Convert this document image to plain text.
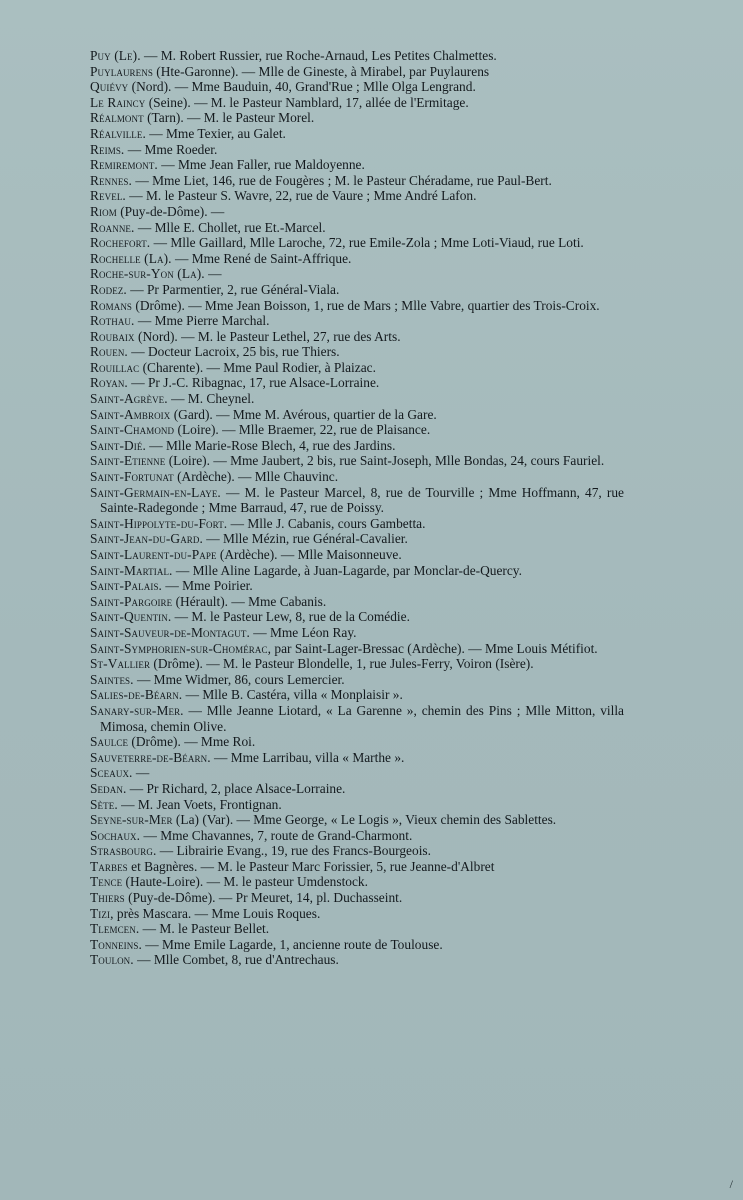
Puy (Le). — M. Robert Russier, rue Roche-Arnaud, Les Petites Chalmettes.

Puylaurens (Hte-Garonne). — Mlle de Gineste, à Mirabel, par Puylaurens

Quiévy (Nord). — Mme Bauduin, 40, Grand'Rue ; Mlle Olga Lengrand.

Le Raincy (Seine). — M. le Pasteur Namblard, 17, allée de l'Ermitage.

Réalmont (Tarn). — M. le Pasteur Morel.

Réalville. — Mme Texier, au Galet.

Reims. — Mme Roeder.

Remiremont. — Mme Jean Faller, rue Maldoyenne.

Rennes. — Mme Liet, 146, rue de Fougères ; M. le Pasteur Chéradame, rue Paul-Bert.

Revel. — M. le Pasteur S. Wavre, 22, rue de Vaure ; Mme André Lafon.

Riom (Puy-de-Dôme). —

Roanne. — Mlle E. Chollet, rue Et.-Marcel.

Rochefort. — Mlle Gaillard, Mlle Laroche, 72, rue Emile-Zola ; Mme Loti-Viaud, rue Loti.

Rochelle (La). — Mme René de Saint-Affrique.

Roche-sur-Yon (La). —

Rodez. — Pr Parmentier, 2, rue Général-Viala.

Romans (Drôme). — Mme Jean Boisson, 1, rue de Mars ; Mlle Vabre, quartier des Trois-Croix.

Rothau. — Mme Pierre Marchal.

Roubaix (Nord). — M. le Pasteur Lethel, 27, rue des Arts.

Rouen. — Docteur Lacroix, 25 bis, rue Thiers.

Rouillac (Charente). — Mme Paul Rodier, à Plaizac.

Royan. — Pr J.-C. Ribagnac, 17, rue Alsace-Lorraine.

Saint-Agrève. — M. Cheynel.

Saint-Ambroix (Gard). — Mme M. Avérous, quartier de la Gare.

Saint-Chamond (Loire). — Mlle Braemer, 22, rue de Plaisance.

Saint-Dié. — Mlle Marie-Rose Blech, 4, rue des Jardins.

Saint-Etienne (Loire). — Mme Jaubert, 2 bis, rue Saint-Joseph, Mlle Bondas, 24, cours Fauriel.

Saint-Fortunat (Ardèche). — Mlle Chauvinc.

Saint-Germain-en-Laye. — M. le Pasteur Marcel, 8, rue de Tourville ; Mme Hoffmann, 47, rue Sainte-Radegonde ; Mme Barraud, 47, rue de Poissy.

Saint-Hippolyte-du-Fort. — Mlle J. Cabanis, cours Gambetta.

Saint-Jean-du-Gard. — Mlle Mézin, rue Général-Cavalier.

Saint-Laurent-du-Pape (Ardèche). — Mlle Maisonneuve.

Saint-Martial. — Mlle Aline Lagarde, à Juan-Lagarde, par Monclar-de-Quercy.

Saint-Palais. — Mme Poirier.

Saint-Pargoire (Hérault). — Mme Cabanis.

Saint-Quentin. — M. le Pasteur Lew, 8, rue de la Comédie.

Saint-Sauveur-de-Montagut. — Mme Léon Ray.

Saint-Symphorien-sur-Chomérac, par Saint-Lager-Bressac (Ardèche). — Mme Louis Métifiot.

St-Vallier (Drôme). — M. le Pasteur Blondelle, 1, rue Jules-Ferry, Voiron (Isère).

Saintes. — Mme Widmer, 86, cours Lemercier.

Salies-de-Béarn. — Mlle B. Castéra, villa « Monplaisir ».

Sanary-sur-Mer. — Mlle Jeanne Liotard, « La Garenne », chemin des Pins ; Mlle Mitton, villa Mimosa, chemin Olive.

Saulce (Drôme). — Mme Roi.

Sauveterre-de-Béarn. — Mme Larribau, villa « Marthe ».

Sceaux. —

Sedan. — Pr Richard, 2, place Alsace-Lorraine.

Sète. — M. Jean Voets, Frontignan.

Seyne-sur-Mer (La) (Var). — Mme George, « Le Logis », Vieux chemin des Sablettes.

Sochaux. — Mme Chavannes, 7, route de Grand-Charmont.

Strasbourg. — Librairie Evang., 19, rue des Francs-Bourgeois.

Tarbes et Bagnères. — M. le Pasteur Marc Forissier, 5, rue Jeanne-d'Albret

Tence (Haute-Loire). — M. le pasteur Umdenstock.

Thiers (Puy-de-Dôme). — Pr Meuret, 14, pl. Duchasseint.

Tizi, près Mascara. — Mme Louis Roques.

Tlemcen. — M. le Pasteur Bellet.

Tonneins. — Mme Emile Lagarde, 1, ancienne route de Toulouse.

Toulon. — Mlle Combet, 8, rue d'Antrechaus.

/
